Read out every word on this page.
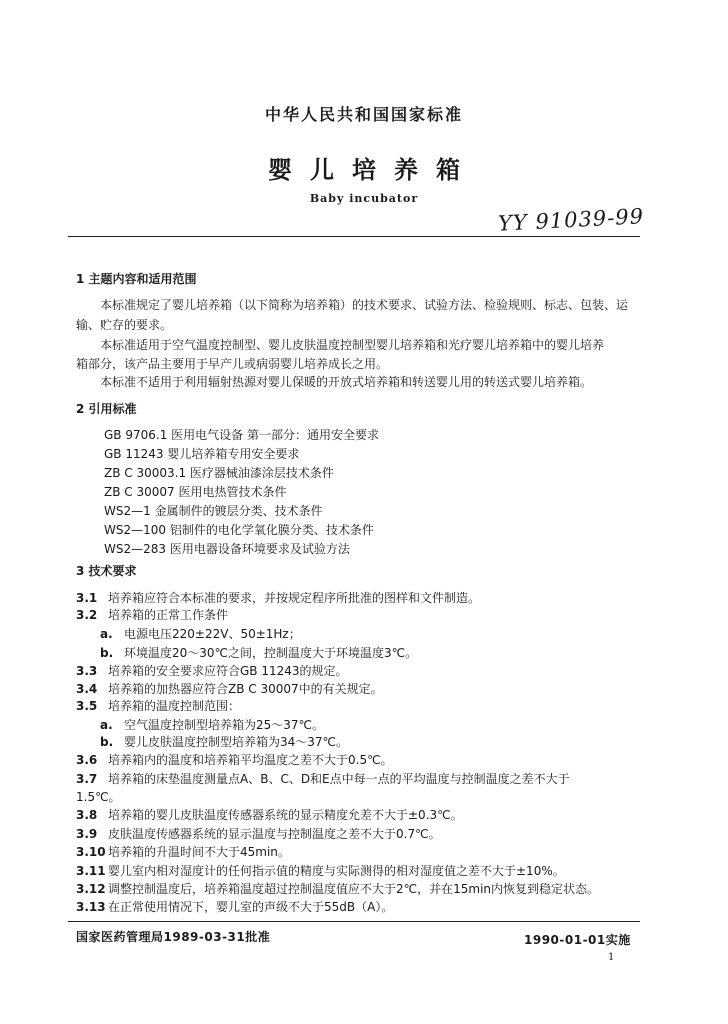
中华人民共和国国家标准
婴儿培养箱
Baby incubator
YY 91039-99
1 主题内容和适用范围
本标准规定了婴儿培养箱（以下简称为培养箱）的技术要求、试验方法、检验规则、标志、包装、运
输、贮存的要求。
本标准适用于空气温度控制型、婴儿皮肤温度控制型婴儿培养箱和光疗婴儿培养箱中的婴儿培养
箱部分，该产品主要用于早产儿或病弱婴儿培养成长之用。
本标准不适用于利用辐射热源对婴儿保暖的开放式培养箱和转送婴儿用的转送式婴儿培养箱。
2 引用标准
GB 9706.1 医用电气设备 第一部分：通用安全要求
GB 11243 婴儿培养箱专用安全要求
ZB C 30003.1 医疗器械油漆涂层技术条件
ZB C 30007 医用电热管技术条件
WS2—1 金属制件的镀层分类、技术条件
WS2—100 铝制件的电化学氧化膜分类、技术条件
WS2—283 医用电器设备环境要求及试验方法
3 技术要求
3.1 培养箱应符合本标准的要求，并按规定程序所批准的图样和文件制造。
3.2 培养箱的正常工作条件
a. 电源电压220±22V、50±1Hz；
b. 环境温度20～30℃之间，控制温度大于环境温度3℃。
3.3 培养箱的安全要求应符合GB 11243的规定。
3.4 培养箱的加热器应符合ZB C 30007中的有关规定。
3.5 培养箱的温度控制范围：
a. 空气温度控制型培养箱为25～37℃。
b. 婴儿皮肤温度控制型培养箱为34～37℃。
3.6 培养箱内的温度和培养箱平均温度之差不大于0.5℃。
3.7 培养箱的床垫温度测量点A、B、C、D和E点中每一点的平均温度与控制温度之差不大于
1.5℃。
3.8 培养箱的婴儿皮肤温度传感器系统的显示精度允差不大于±0.3℃。
3.9 皮肤温度传感器系统的显示温度与控制温度之差不大于0.7℃。
3.10 培养箱的升温时间不大于45min。
3.11 婴儿室内相对湿度计的任何指示值的精度与实际测得的相对湿度值之差不大于±10%。
3.12 调整控制温度后，培养箱温度超过控制温度值应不大于2℃，并在15min内恢复到稳定状态。
3.13 在正常使用情况下，婴儿室的声级不大于55dB（A）。
国家医药管理局1989-03-31批准	1990-01-01实施
1
